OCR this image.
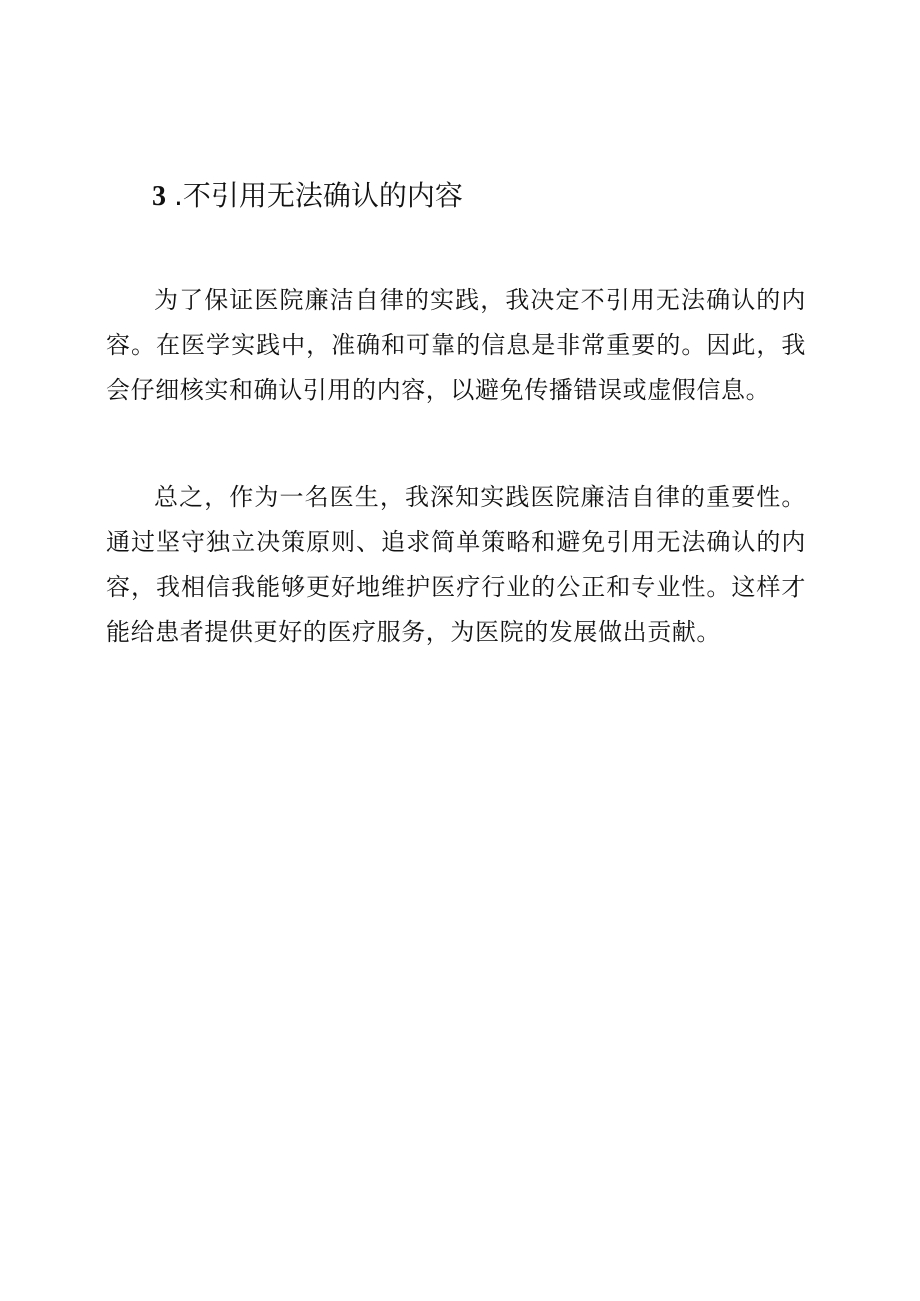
3 .不引用无法确认的内容

为了保证医院廉洁自律的实践，我决定不引用无法确认的内容。在医学实践中，准确和可靠的信息是非常重要的。因此，我会仔细核实和确认引用的内容，以避免传播错误或虚假信息。

总之，作为一名医生，我深知实践医院廉洁自律的重要性。通过坚守独立决策原则、追求简单策略和避免引用无法确认的内容，我相信我能够更好地维护医疗行业的公正和专业性。这样才能给患者提供更好的医疗服务，为医院的发展做出贡献。
